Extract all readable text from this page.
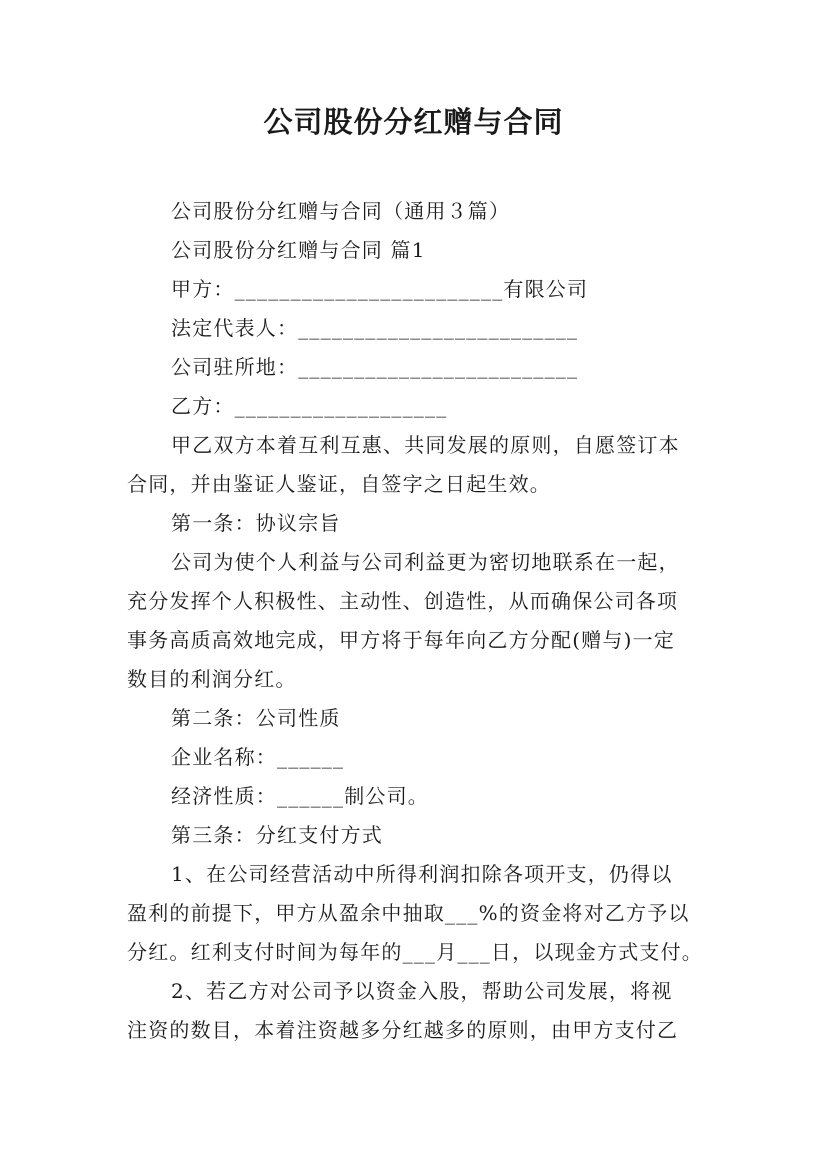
公司股份分红赠与合同
公司股份分红赠与合同（通用３篇）
公司股份分红赠与合同 篇1
甲方：________________________有限公司
法定代表人：_________________________
公司驻所地：_________________________
乙方：___________________
甲乙双方本着互利互惠、共同发展的原则，自愿签订本
合同，并由鉴证人鉴证，自签字之日起生效。
第一条：协议宗旨
公司为使个人利益与公司利益更为密切地联系在一起，
充分发挥个人积极性、主动性、创造性，从而确保公司各项
事务高质高效地完成，甲方将于每年向乙方分配(赠与)一定
数目的利润分红。
第二条：公司性质
企业名称：______
经济性质：______制公司。
第三条：分红支付方式
1、在公司经营活动中所得利润扣除各项开支，仍得以
盈利的前提下，甲方从盈余中抽取___%的资金将对乙方予以
分红。红利支付时间为每年的___月___日，以现金方式支付。
2、若乙方对公司予以资金入股，帮助公司发展，将视
注资的数目，本着注资越多分红越多的原则，由甲方支付乙
